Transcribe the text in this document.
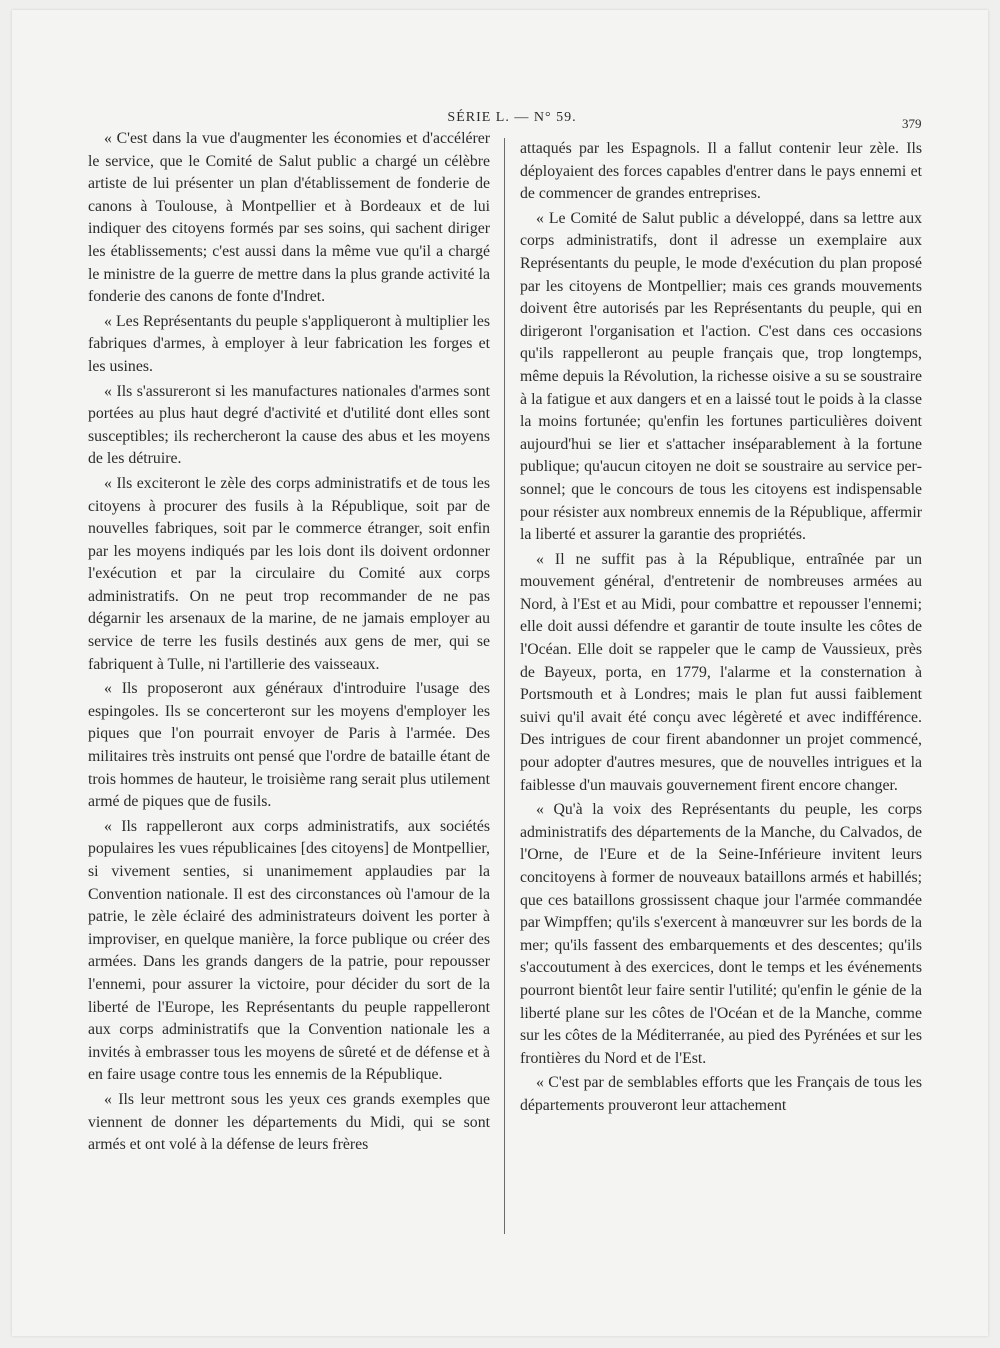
SÉRIE L. — N° 59.	379

« C'est dans la vue d'augmenter les économies et d'accélérer le service, que le Comité de Salut public a chargé un célèbre artiste de lui présenter un plan d'établissement de fonderie de canons à Toulouse, à Montpellier et à Bordeaux et de lui indiquer des citoyens formés par ses soins, qui sachent diriger les établissements; c'est aussi dans la même vue qu'il a chargé le ministre de la guerre de mettre dans la plus grande activité la fonderie des canons de fonte d'Indret.

« Les Représentants du peuple s'appliqueront à multiplier les fabriques d'armes, à employer à leur fabrication les forges et les usines.

« Ils s'assureront si les manufactures nationales d'armes sont portées au plus haut degré d'activité et d'utilité dont elles sont susceptibles; ils rechercheront la cause des abus et les moyens de les détruire.

« Ils exciteront le zèle des corps administratifs et de tous les citoyens à procurer des fusils à la République, soit par de nouvelles fabriques, soit par le commerce étranger, soit enfin par les moyens indiqués par les lois dont ils doivent ordonner l'exécution et par la circulaire du Comité aux corps administratifs. On ne peut trop recommander de ne pas dégarnir les arsenaux de la marine, de ne jamais employer au service de terre les fusils destinés aux gens de mer, qui se fabriquent à Tulle, ni l'artillerie des vaisseaux.

« Ils proposeront aux généraux d'introduire l'usage des espingoles. Ils se concerteront sur les moyens d'employer les piques que l'on pourrait envoyer de Paris à l'armée. Des militaires très instruits ont pensé que l'ordre de bataille étant de trois hommes de hauteur, le troisième rang serait plus utilement armé de piques que de fusils.

« Ils rappelleront aux corps administratifs, aux sociétés populaires les vues républicaines [des citoyens] de Montpellier, si vivement senties, si unanimement applaudies par la Convention nationale. Il est des circonstances où l'amour de la patrie, le zèle éclairé des administrateurs doivent les porter à improviser, en quelque manière, la force publique ou créer des armées. Dans les grands dangers de la patrie, pour repousser l'ennemi, pour assurer la victoire, pour décider du sort de la liberté de l'Europe, les Représentants du peuple rappelleront aux corps administratifs que la Convention nationale les a invités à embrasser tous les moyens de sûreté et de défense et à en faire usage contre tous les ennemis de la République.

« Ils leur mettront sous les yeux ces grands exemples que viennent de donner les départements du Midi, qui se sont armés et ont volé à la défense de leurs frères

attaqués par les Espagnols. Il a fallut contenir leur zèle. Ils déployaient des forces capables d'entrer dans le pays ennemi et de commencer de grandes entreprises.

« Le Comité de Salut public a développé, dans sa lettre aux corps administratifs, dont il adresse un exemplaire aux Représentants du peuple, le mode d'exécution du plan proposé par les citoyens de Montpellier; mais ces grands mouvements doivent être autorisés par les Représentants du peuple, qui en dirigeront l'organisation et l'action. C'est dans ces occasions qu'ils rappelleront au peuple français que, trop longtemps, même depuis la Révolution, la richesse oisive a su se soustraire à la fatigue et aux dangers et en a laissé tout le poids à la classe la moins fortunée; qu'enfin les fortunes particulières doivent aujourd'hui se lier et s'attacher inséparablement à la fortune publique; qu'aucun citoyen ne doit se soustraire au service personnel; que le concours de tous les citoyens est indispensable pour résister aux nombreux ennemis de la République, affermir la liberté et assurer la garantie des propriétés.

« Il ne suffit pas à la République, entraînée par un mouvement général, d'entretenir de nombreuses armées au Nord, à l'Est et au Midi, pour combattre et repousser l'ennemi; elle doit aussi défendre et garantir de toute insulte les côtes de l'Océan. Elle doit se rappeler que le camp de Vaussieux, près de Bayeux, porta, en 1779, l'alarme et la consternation à Portsmouth et à Londres; mais le plan fut aussi faiblement suivi qu'il avait été conçu avec légèreté et avec indifférence. Des intrigues de cour firent abandonner un projet commencé, pour adopter d'autres mesures, que de nouvelles intrigues et la faiblesse d'un mauvais gouvernement firent encore changer.

« Qu'à la voix des Représentants du peuple, les corps administratifs des départements de la Manche, du Calvados, de l'Orne, de l'Eure et de la Seine-Inférieure invitent leurs concitoyens à former de nouveaux bataillons armés et habillés; que ces bataillons grossissent chaque jour l'armée commandée par Wimpffen; qu'ils s'exercent à manœuvrer sur les bords de la mer; qu'ils fassent des embarquements et des descentes; qu'ils s'accoutument à des exercices, dont le temps et les événements pourront bientôt leur faire sentir l'utilité; qu'enfin le génie de la liberté plane sur les côtes de l'Océan et de la Manche, comme sur les côtes de la Méditerranée, au pied des Pyrénées et sur les frontières du Nord et de l'Est.

« C'est par de semblables efforts que les Français de tous les départements prouveront leur attachement
